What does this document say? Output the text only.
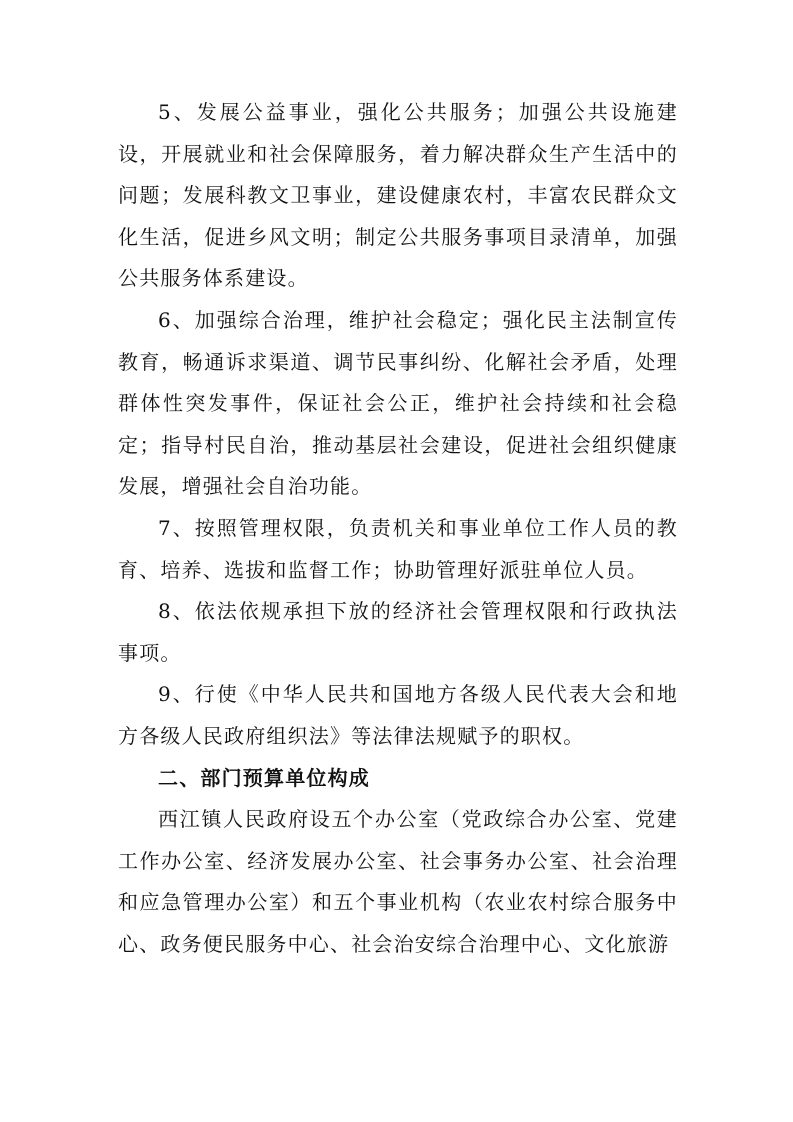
5、发展公益事业，强化公共服务；加强公共设施建设，开展就业和社会保障服务，着力解决群众生产生活中的问题；发展科教文卫事业，建设健康农村，丰富农民群众文化生活，促进乡风文明；制定公共服务事项目录清单，加强公共服务体系建设。

6、加强综合治理，维护社会稳定；强化民主法制宣传教育，畅通诉求渠道、调节民事纠纷、化解社会矛盾，处理群体性突发事件，保证社会公正，维护社会持续和社会稳定；指导村民自治，推动基层社会建设，促进社会组织健康发展，增强社会自治功能。

7、按照管理权限，负责机关和事业单位工作人员的教育、培养、选拔和监督工作；协助管理好派驻单位人员。

8、依法依规承担下放的经济社会管理权限和行政执法事项。

9、行使《中华人民共和国地方各级人民代表大会和地方各级人民政府组织法》等法律法规赋予的职权。

二、部门预算单位构成

西江镇人民政府设五个办公室（党政综合办公室、党建工作办公室、经济发展办公室、社会事务办公室、社会治理和应急管理办公室）和五个事业机构（农业农村综合服务中心、政务便民服务中心、社会治安综合治理中心、文化旅游
